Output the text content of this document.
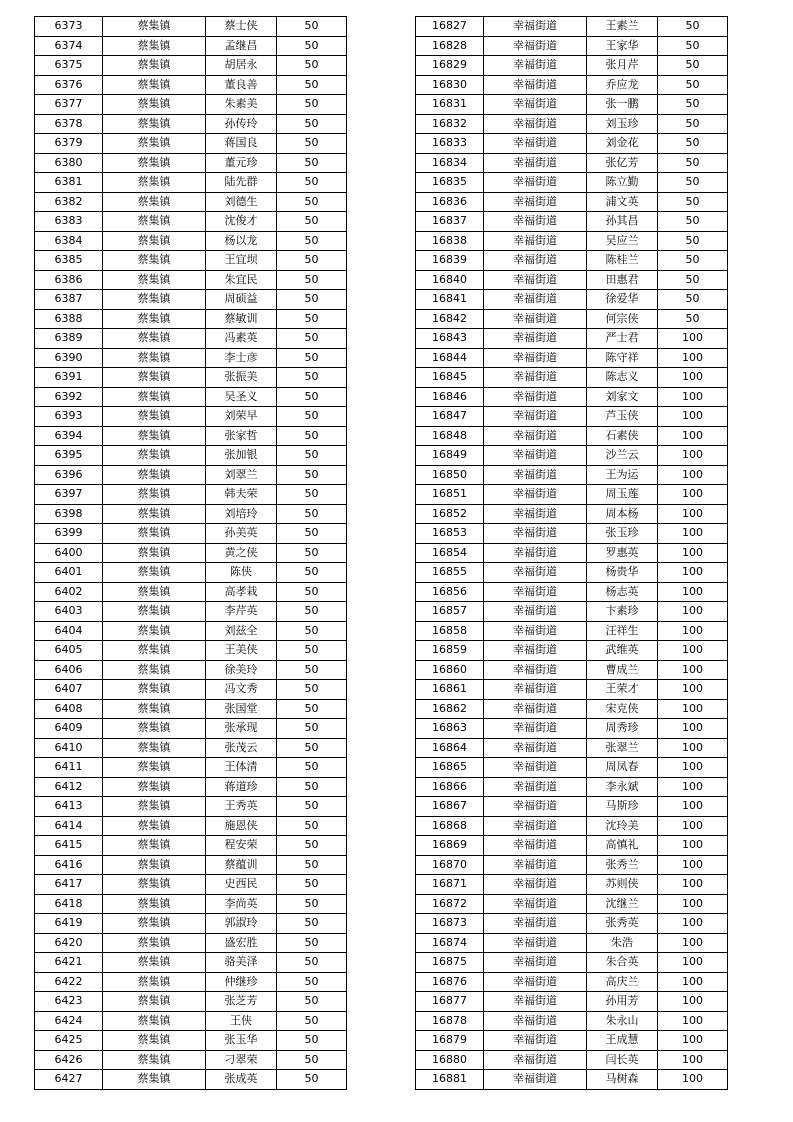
6373	蔡集镇	蔡士侠	50
6374	蔡集镇	孟继昌	50
6375	蔡集镇	胡居永	50
6376	蔡集镇	董良善	50
6377	蔡集镇	朱素美	50
6378	蔡集镇	孙传玲	50
6379	蔡集镇	蒋国良	50
6380	蔡集镇	董元珍	50
6381	蔡集镇	陆先群	50
6382	蔡集镇	刘德生	50
6383	蔡集镇	沈俊才	50
6384	蔡集镇	杨以龙	50
6385	蔡集镇	王宜坝	50
6386	蔡集镇	朱宜民	50
6387	蔡集镇	周硕益	50
6388	蔡集镇	蔡敏训	50
6389	蔡集镇	冯素英	50
6390	蔡集镇	李士彦	50
6391	蔡集镇	张振美	50
6392	蔡集镇	吴圣义	50
6393	蔡集镇	刘荣早	50
6394	蔡集镇	张家哲	50
6395	蔡集镇	张加银	50
6396	蔡集镇	刘翠兰	50
6397	蔡集镇	韩夫荣	50
6398	蔡集镇	刘培玲	50
6399	蔡集镇	孙美英	50
6400	蔡集镇	黄之侠	50
6401	蔡集镇	陈侠	50
6402	蔡集镇	高孝栽	50
6403	蔡集镇	李芹英	50
6404	蔡集镇	刘兹全	50
6405	蔡集镇	王美侠	50
6406	蔡集镇	徐美玲	50
6407	蔡集镇	冯文秀	50
6408	蔡集镇	张国堂	50
6409	蔡集镇	张承现	50
6410	蔡集镇	张茂云	50
6411	蔡集镇	王体清	50
6412	蔡集镇	蒋道珍	50
6413	蔡集镇	王秀英	50
6414	蔡集镇	施恩侠	50
6415	蔡集镇	程安荣	50
6416	蔡集镇	蔡蕴训	50
6417	蔡集镇	史西民	50
6418	蔡集镇	李尚英	50
6419	蔡集镇	郭淑玲	50
6420	蔡集镇	盛宏胜	50
6421	蔡集镇	骆美泽	50
6422	蔡集镇	仲继珍	50
6423	蔡集镇	张芝芳	50
6424	蔡集镇	王侠	50
6425	蔡集镇	张玉华	50
6426	蔡集镇	刁翠荣	50
6427	蔡集镇	张成英	50
16827	幸福街道	王素兰	50
16828	幸福街道	王家华	50
16829	幸福街道	张月芹	50
16830	幸福街道	乔应龙	50
16831	幸福街道	张一鹏	50
16832	幸福街道	刘玉珍	50
16833	幸福街道	刘金花	50
16834	幸福街道	张亿芳	50
16835	幸福街道	陈立勤	50
16836	幸福街道	浦文英	50
16837	幸福街道	孙其昌	50
16838	幸福街道	吴应兰	50
16839	幸福街道	陈桂兰	50
16840	幸福街道	田惠君	50
16841	幸福街道	徐爱华	50
16842	幸福街道	何宗侠	50
16843	幸福街道	严士君	100
16844	幸福街道	陈守祥	100
16845	幸福街道	陈志义	100
16846	幸福街道	刘家文	100
16847	幸福街道	芦玉侠	100
16848	幸福街道	石素侠	100
16849	幸福街道	沙兰云	100
16850	幸福街道	王为运	100
16851	幸福街道	周玉莲	100
16852	幸福街道	周本杨	100
16853	幸福街道	张玉珍	100
16854	幸福街道	罗惠英	100
16855	幸福街道	杨贵华	100
16856	幸福街道	杨志英	100
16857	幸福街道	卞素珍	100
16858	幸福街道	汪祥生	100
16859	幸福街道	武维英	100
16860	幸福街道	曹成兰	100
16861	幸福街道	王荣才	100
16862	幸福街道	宋克侠	100
16863	幸福街道	周秀珍	100
16864	幸福街道	张翠兰	100
16865	幸福街道	周凤春	100
16866	幸福街道	李永斌	100
16867	幸福街道	马斯珍	100
16868	幸福街道	沈玲美	100
16869	幸福街道	高慎礼	100
16870	幸福街道	张秀兰	100
16871	幸福街道	苏则侠	100
16872	幸福街道	沈继兰	100
16873	幸福街道	张秀英	100
16874	幸福街道	朱浩	100
16875	幸福街道	朱合英	100
16876	幸福街道	高庆兰	100
16877	幸福街道	孙用芳	100
16878	幸福街道	朱永山	100
16879	幸福街道	王成慧	100
16880	幸福街道	闫长英	100
16881	幸福街道	马树森	100
